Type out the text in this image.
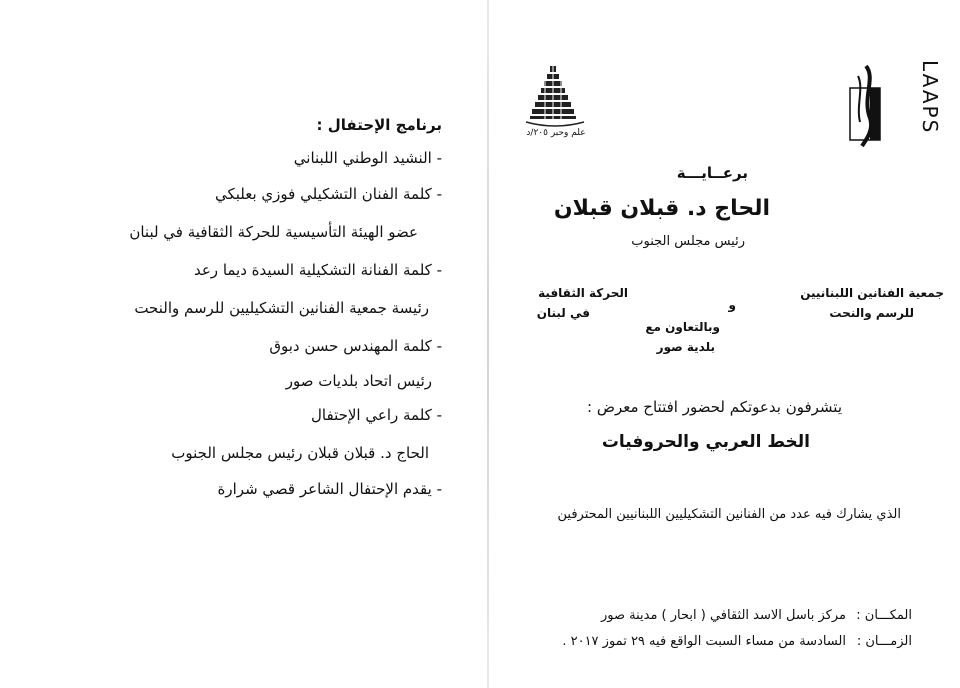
برنامج الإحتفال :
- النشيد الوطني اللبناني
- كلمة الفنان التشكيلي فوزي بعلبكي
عضو الهيئة التأسيسية للحركة الثقافية في لبنان
- كلمة الفنانة التشكيلية السيدة ديما رعد
رئيسة جمعية الفنانين التشكيليين للرسم والنحت
- كلمة المهندس حسن دبوق
رئيس اتحاد بلديات صور
- كلمة راعي الإحتفال
الحاج د. قبلان قبلان رئيس مجلس الجنوب
- يقدم الإحتفال الشاعر قصي شرارة
علم وحبر ٢٠٥/د	LAAPS
برعــايـــة
الحاج د. قبلان قبلان
رئيس مجلس الجنوب
جمعية الفنانين اللبنانيين
للرسم والنحت
و
الحركة الثقافية
في لبنان
وبالتعاون مع
بلدية صور
يتشرفون بدعوتكم لحضور افتتاح معرض :
الخط العربي والحروفيات
الذي يشارك فيه عدد من الفنانين التشكيليين اللبنانيين المحترفين
المكـــان :
مركز باسل الاسد الثقافي ( ابحار ) مدينة صور
الزمـــان :
السادسة من مساء السبت الواقع فيه ٢٩ تموز ٢٠١٧ .
